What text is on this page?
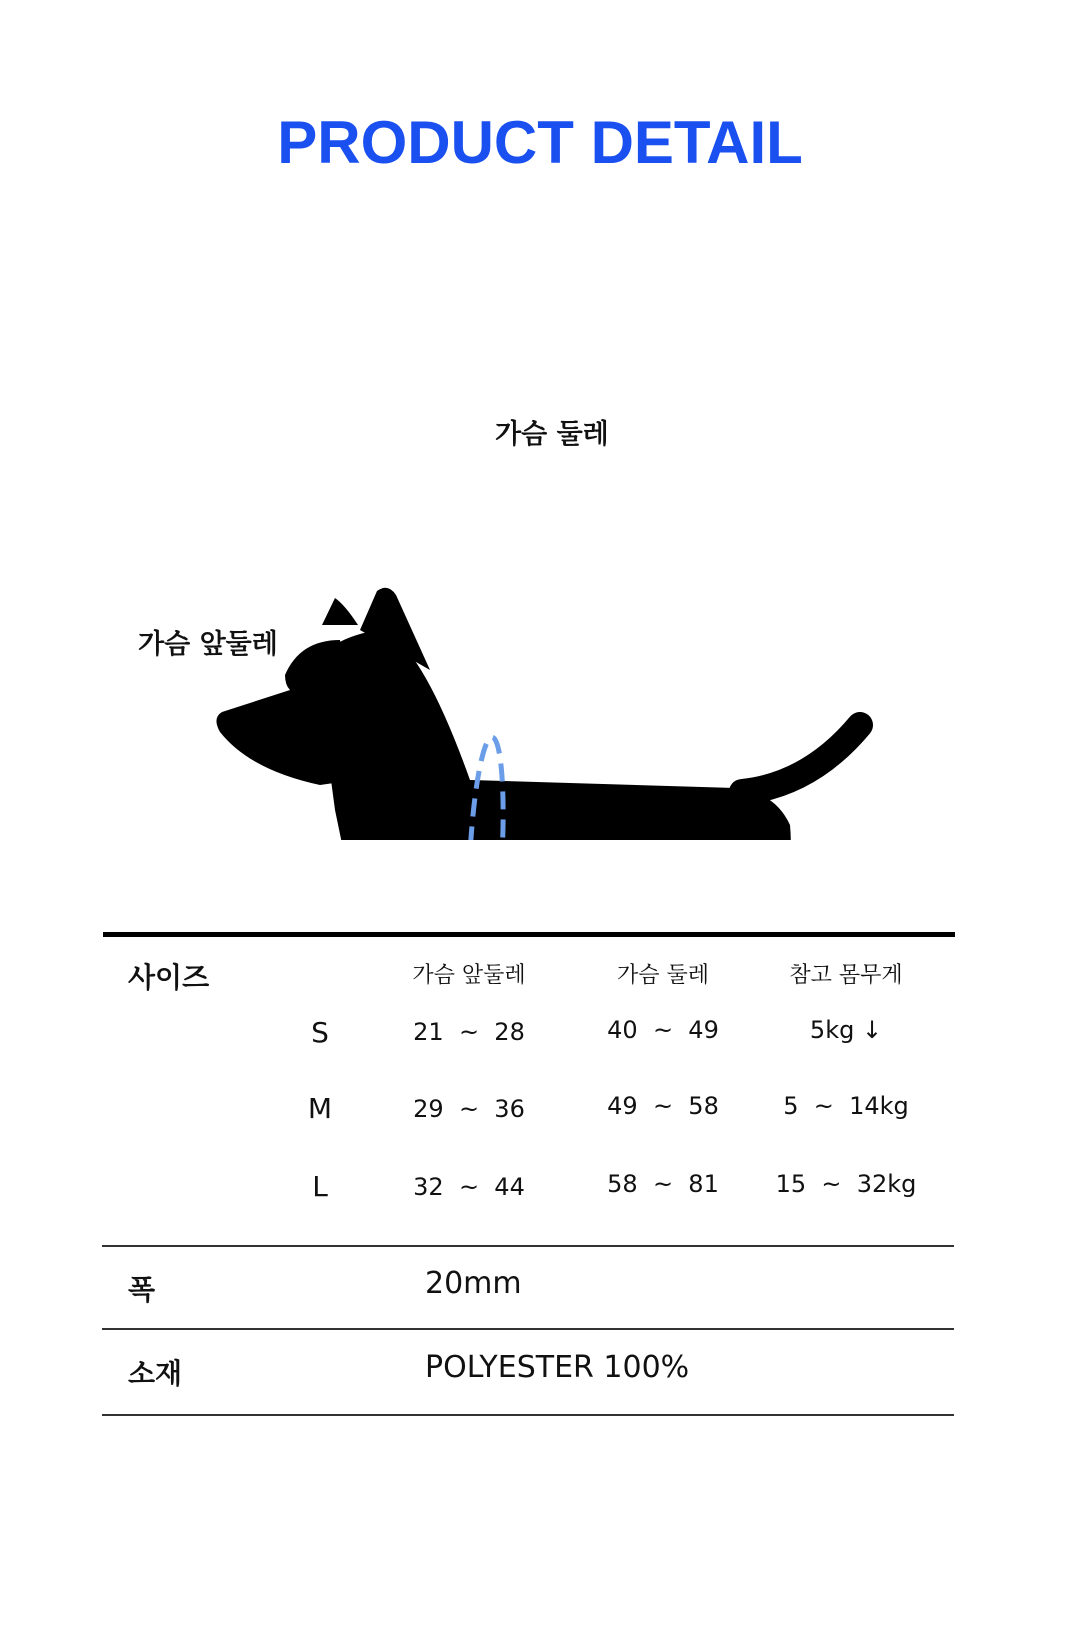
PRODUCT DETAIL
가슴 둘레
가슴 앞둘레
사이즈	가슴 앞둘레	가슴 둘레	참고 몸무게
S	21  ~  28	40  ~  49	5kg ↓
M	29  ~  36	49  ~  58	5  ~  14kg
L	32  ~  44	58  ~  81	15  ~  32kg
폭	20mm
소재	POLYESTER 100%
